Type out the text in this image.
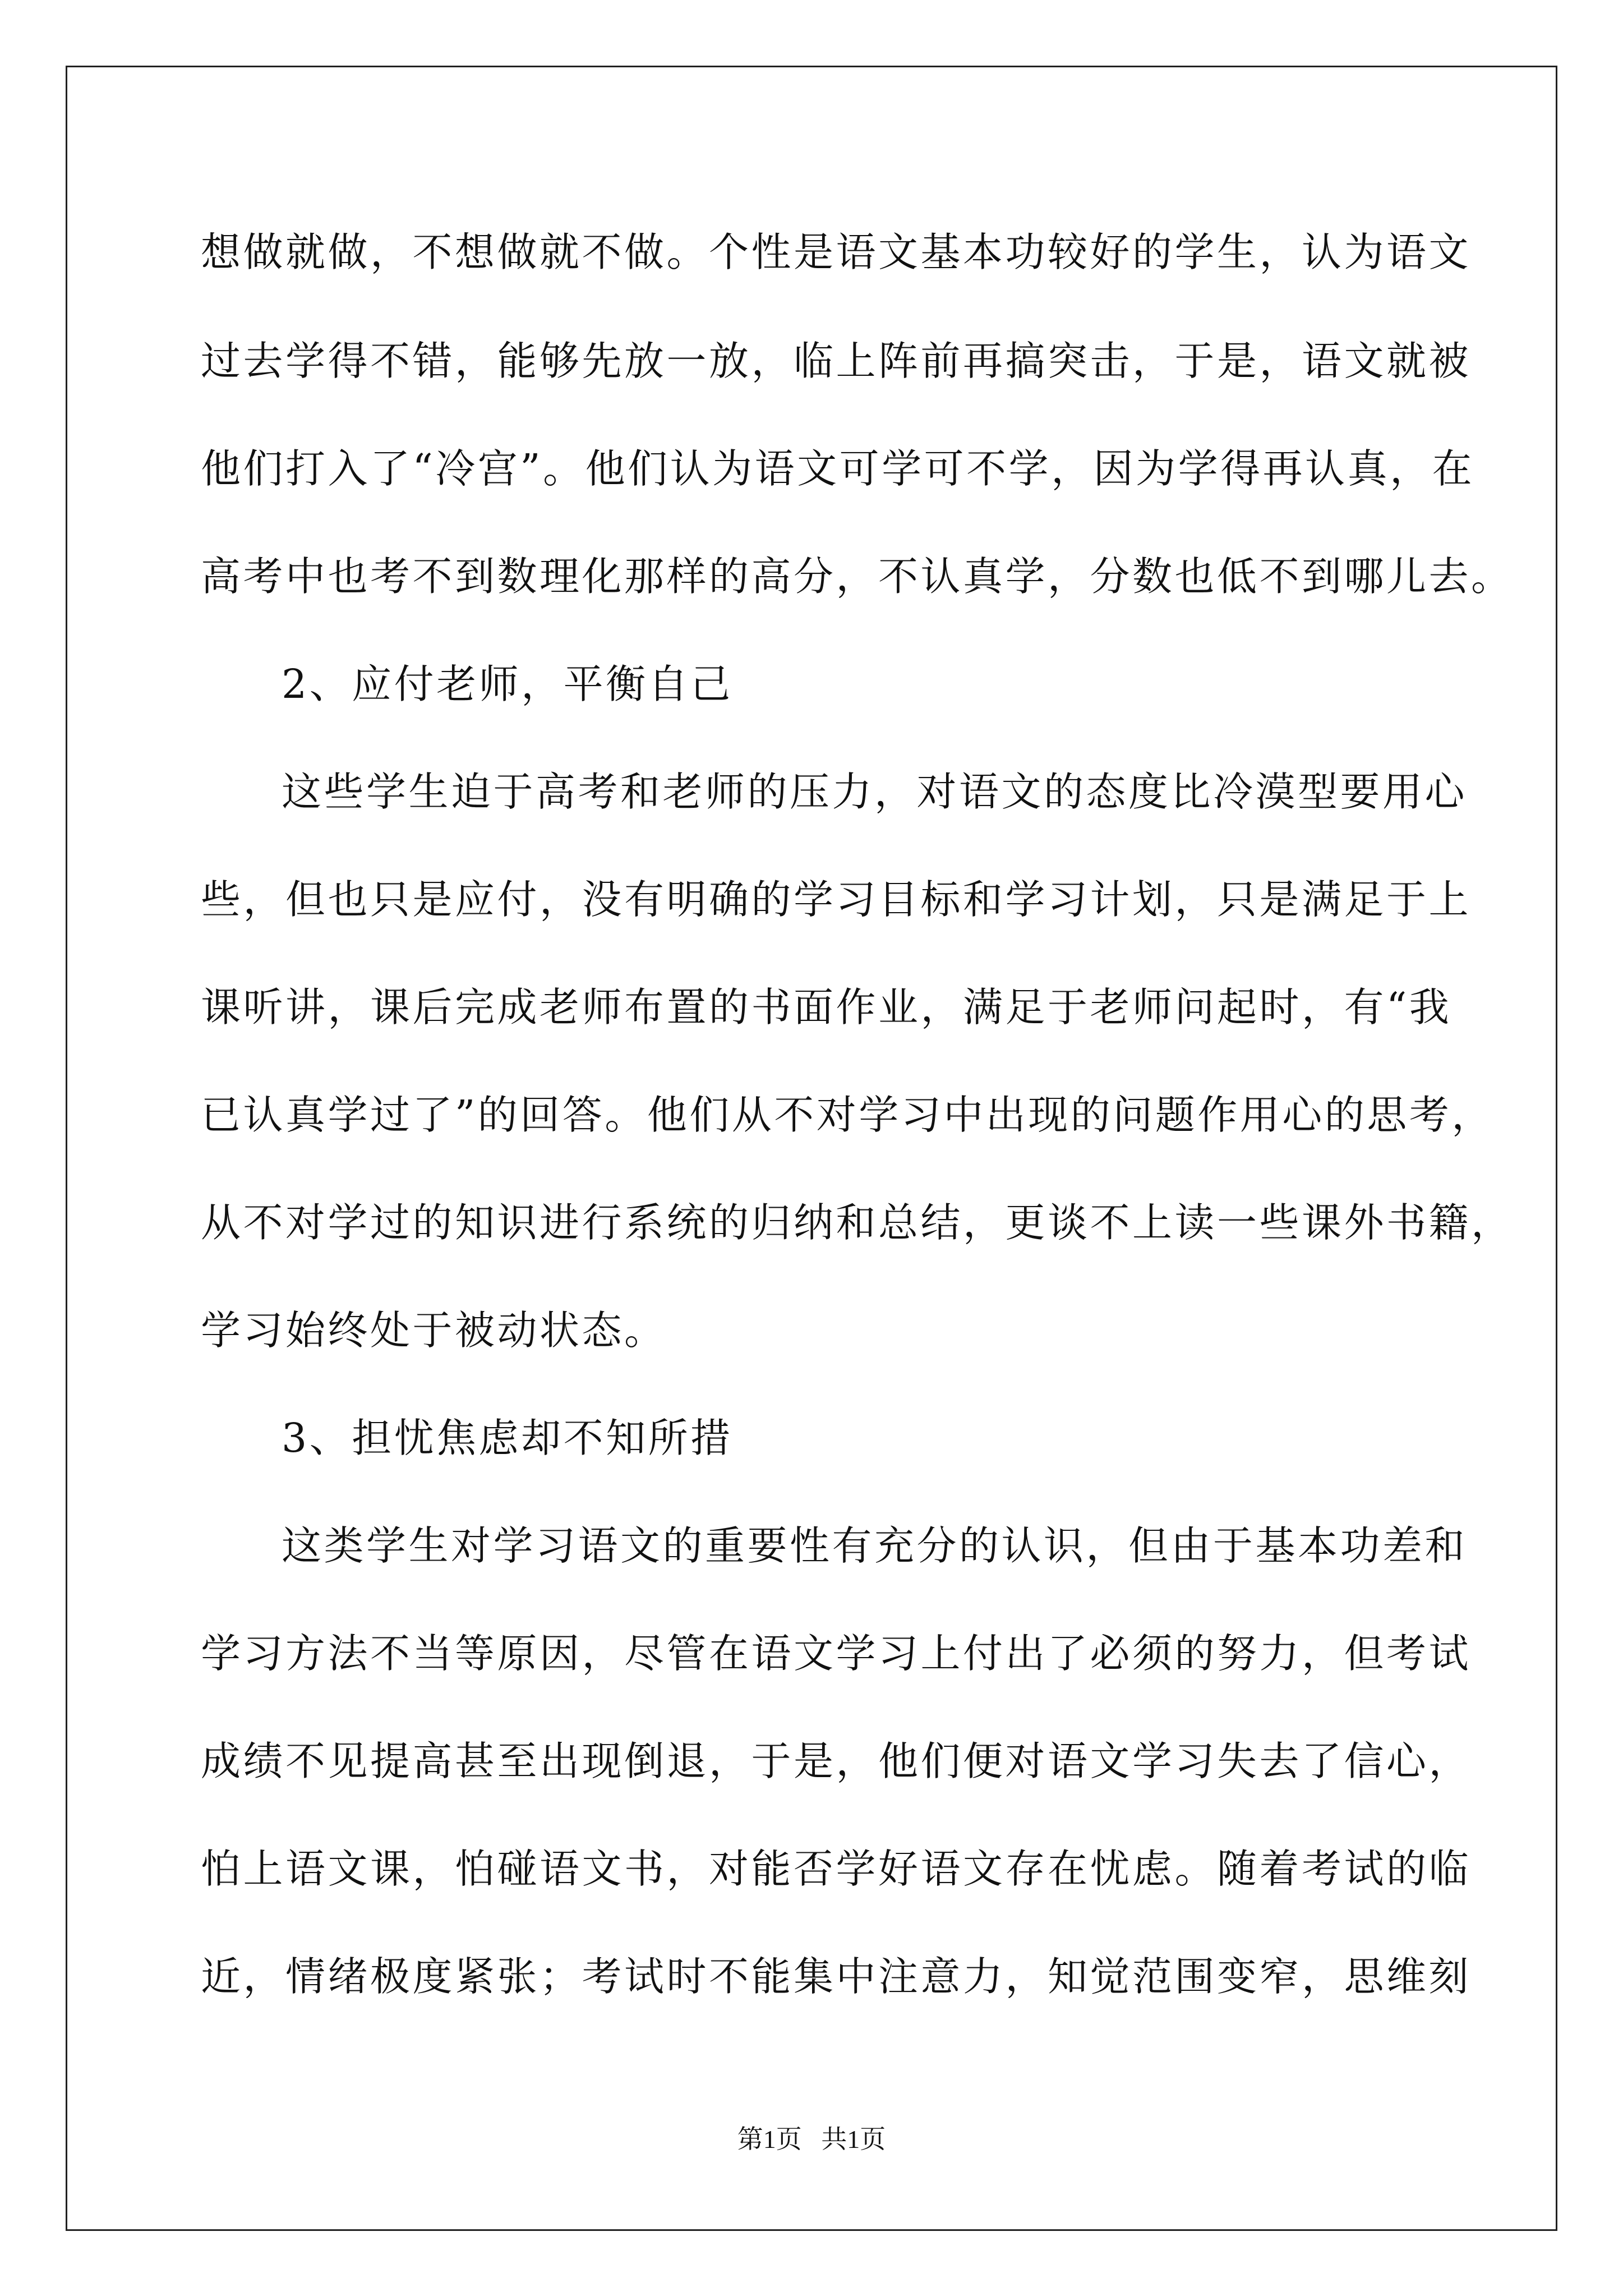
想做就做，不想做就不做。个性是语文基本功较好的学生，认为语文
过去学得不错，能够先放一放，临上阵前再搞突击，于是，语文就被
他们打入了“冷宫”。他们认为语文可学可不学，因为学得再认真，在
高考中也考不到数理化那样的高分，不认真学，分数也低不到哪儿去。
2、应付老师，平衡自己
这些学生迫于高考和老师的压力，对语文的态度比冷漠型要用心
些，但也只是应付，没有明确的学习目标和学习计划，只是满足于上
课听讲，课后完成老师布置的书面作业，满足于老师问起时，有“我
已认真学过了”的回答。他们从不对学习中出现的问题作用心的思考，
从不对学过的知识进行系统的归纳和总结，更谈不上读一些课外书籍，
学习始终处于被动状态。
3、担忧焦虑却不知所措
这类学生对学习语文的重要性有充分的认识，但由于基本功差和
学习方法不当等原因，尽管在语文学习上付出了必须的努力，但考试
成绩不见提高甚至出现倒退，于是，他们便对语文学习失去了信心，
怕上语文课，怕碰语文书，对能否学好语文存在忧虑。随着考试的临
近，情绪极度紧张；考试时不能集中注意力，知觉范围变窄，思维刻
第1页   共1页
